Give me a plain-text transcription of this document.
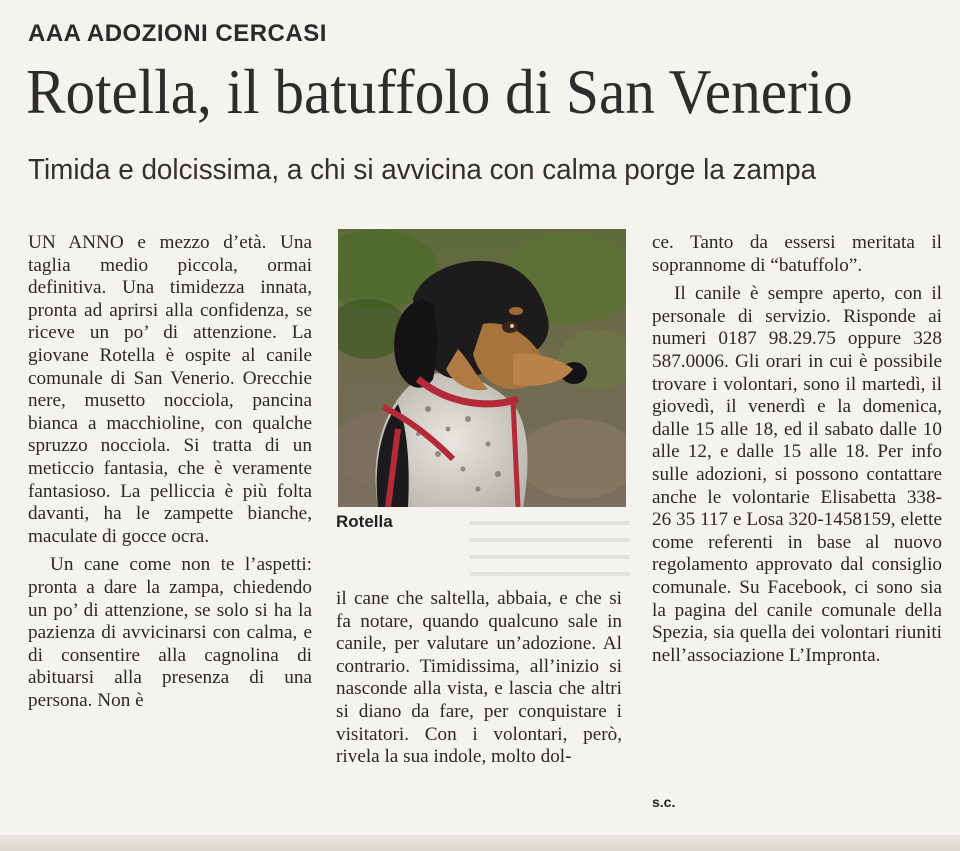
AAA ADOZIONI CERCASI
Rotella, il batuffolo di San Venerio
Timida e dolcissima, a chi si avvicina con calma porge la zampa

UN ANNO e mezzo d’età. Una taglia medio piccola, ormai definitiva. Una timidezza innata, pronta ad aprirsi alla confidenza, se riceve un po’ di attenzione. La giovane Rotella è ospite al canile comunale di San Venerio. Orecchie nere, musetto nocciola, pancina bianca a macchioline, con qualche spruzzo nocciola. Si tratta di un meticcio fantasia, che è veramente fantasioso. La pelliccia è più folta davanti, ha le zampette bianche, maculate di gocce ocra.

Un cane come non te l’aspetti: pronta a dare la zampa, chiedendo un po’ di attenzione, se solo si ha la pazienza di avvicinarsi con calma, e di consentire alla cagnolina di abituarsi alla presenza di una persona. Non è

Rotella

il cane che saltella, abbaia, e che si fa notare, quando qualcuno sale in canile, per valutare un’adozione. Al contrario. Timidissima, all’inizio si nasconde alla vista, e lascia che altri si diano da fare, per conquistare i visitatori. Con i volontari, però, rivela la sua indole, molto dol-

ce. Tanto da essersi meritata il soprannome di “batuffolo”.

Il canile è sempre aperto, con il personale di servizio. Risponde ai numeri 0187 98.29.75 oppure 328 587.0006. Gli orari in cui è possibile trovare i volontari, sono il martedì, il giovedì, il venerdì e la domenica, dalle 15 alle 18, ed il sabato dalle 10 alle 12, e dalle 15 alle 18. Per info sulle adozioni, si possono contattare anche le volontarie Elisabetta 338- 26 35 117 e Losa 320-1458159, elette come referenti in base al nuovo regolamento approvato dal consiglio comunale. Su Facebook, ci sono sia la pagina del canile comunale della Spezia, sia quella dei volontari riuniti nell’associazione L’Impronta.

s.c.
